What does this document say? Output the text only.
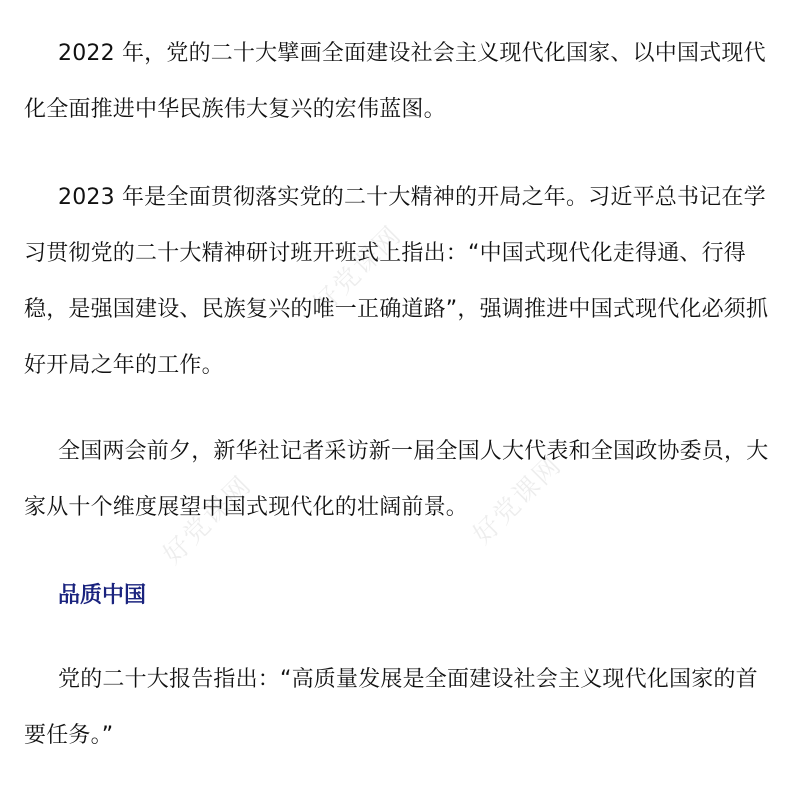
好党课网
好党课网	好党课网

2022 年，党的二十大擘画全面建设社会主义现代化国家、以中国式现代化全面推进中华民族伟大复兴的宏伟蓝图。

2023 年是全面贯彻落实党的二十大精神的开局之年。习近平总书记在学习贯彻党的二十大精神研讨班开班式上指出：“中国式现代化走得通、行得稳，是强国建设、民族复兴的唯一正确道路”，强调推进中国式现代化必须抓好开局之年的工作。

全国两会前夕，新华社记者采访新一届全国人大代表和全国政协委员，大家从十个维度展望中国式现代化的壮阔前景。

品质中国

党的二十大报告指出：“高质量发展是全面建设社会主义现代化国家的首要任务。”
